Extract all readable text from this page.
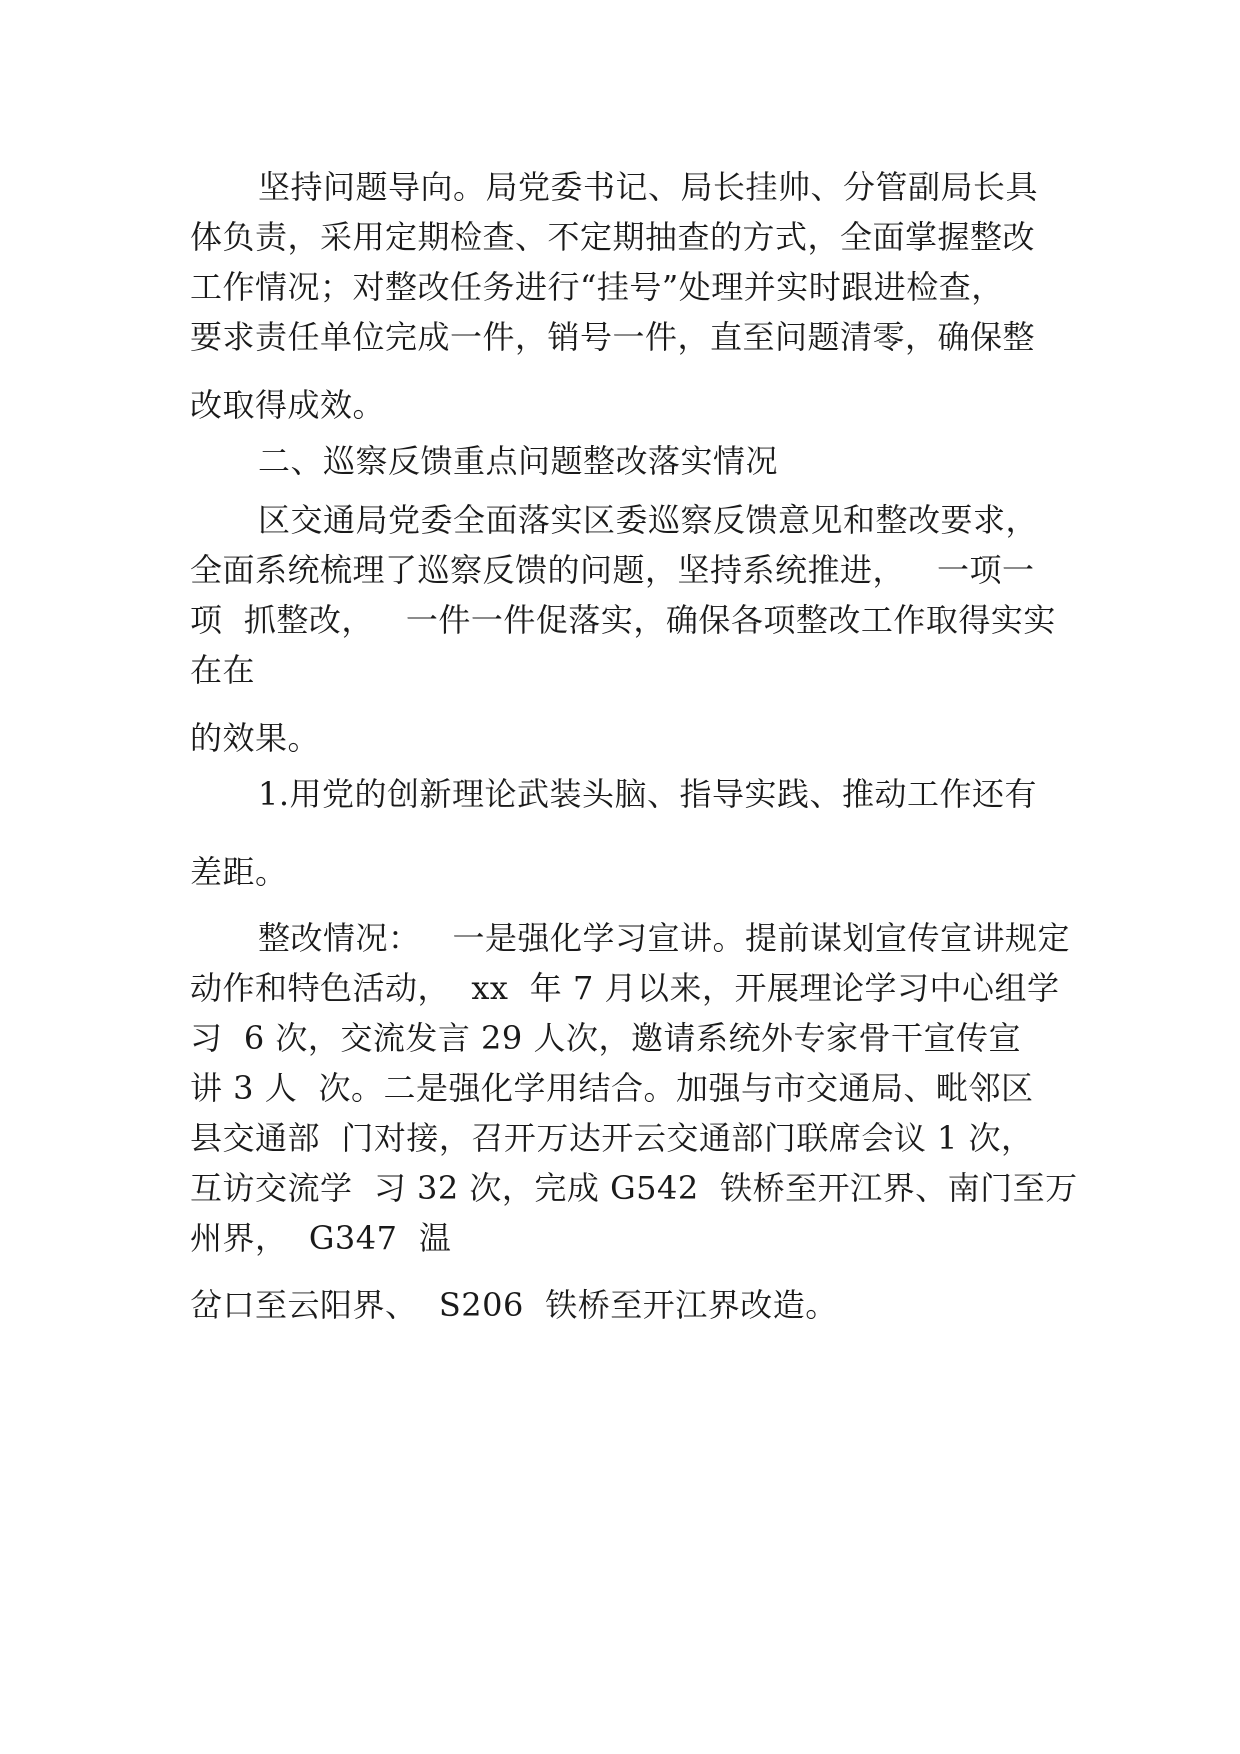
坚持问题导向。局党委书记、局长挂帅、分管副局长具
体负责，采用定期检查、不定期抽查的方式，全面掌握整改
工作情况；对整改任务进行“挂号”处理并实时跟进检查，
要求责任单位完成一件，销号一件，直至问题清零，确保整
改取得成效。
二、巡察反馈重点问题整改落实情况
区交通局党委全面落实区委巡察反馈意见和整改要求，
全面系统梳理了巡察反馈的问题，坚持系统推进，   一项一
项  抓整改，   一件一件促落实，确保各项整改工作取得实实
在在
的效果。
1.用党的创新理论武装头脑、指导实践、推动工作还有
差距。
整改情况：   一是强化学习宣讲。提前谋划宣传宣讲规定
动作和特色活动，  xx  年 7 月以来，开展理论学习中心组学
习  6 次，交流发言 29 人次，邀请系统外专家骨干宣传宣
讲 3 人  次。二是强化学用结合。加强与市交通局、毗邻区
县交通部  门对接，召开万达开云交通部门联席会议 1 次，
互访交流学  习 32 次，完成 G542  铁桥至开江界、南门至万
州界，  G347  温
岔口至云阳界、  S206  铁桥至开江界改造。
